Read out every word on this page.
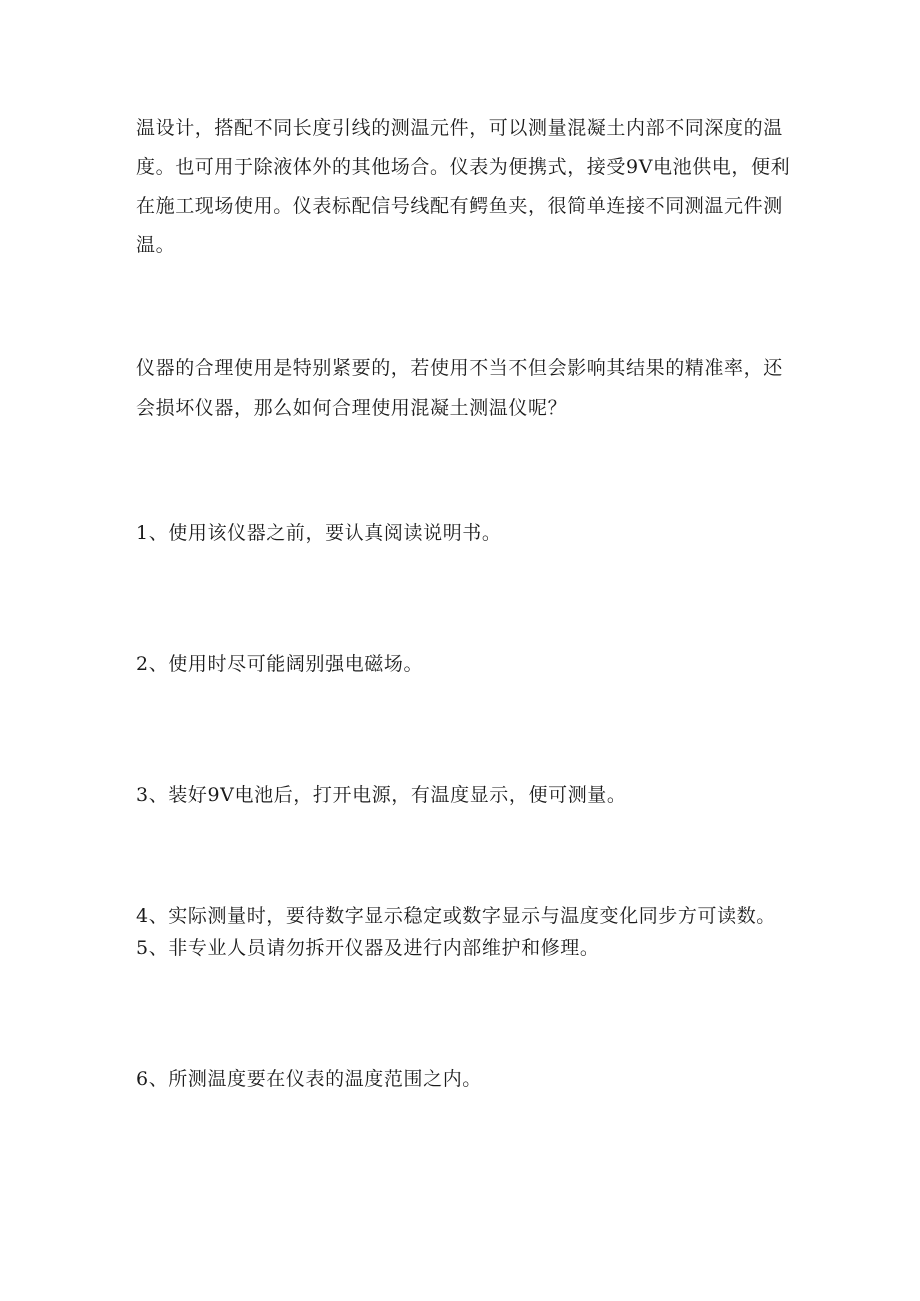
温设计，搭配不同长度引线的测温元件，可以测量混凝土内部不同深度的温度。也可用于除液体外的其他场合。仪表为便携式，接受9V电池供电，便利在施工现场使用。仪表标配信号线配有鳄鱼夹，很简单连接不同测温元件测温。

仪器的合理使用是特别紧要的，若使用不当不但会影响其结果的精准率，还会损坏仪器，那么如何合理使用混凝土测温仪呢？

1、使用该仪器之前，要认真阅读说明书。

2、使用时尽可能阔别强电磁场。

3、装好9V电池后，打开电源，有温度显示，便可测量。

4、实际测量时，要待数字显示稳定或数字显示与温度变化同步方可读数。
5、非专业人员请勿拆开仪器及进行内部维护和修理。

6、所测温度要在仪表的温度范围之内。
